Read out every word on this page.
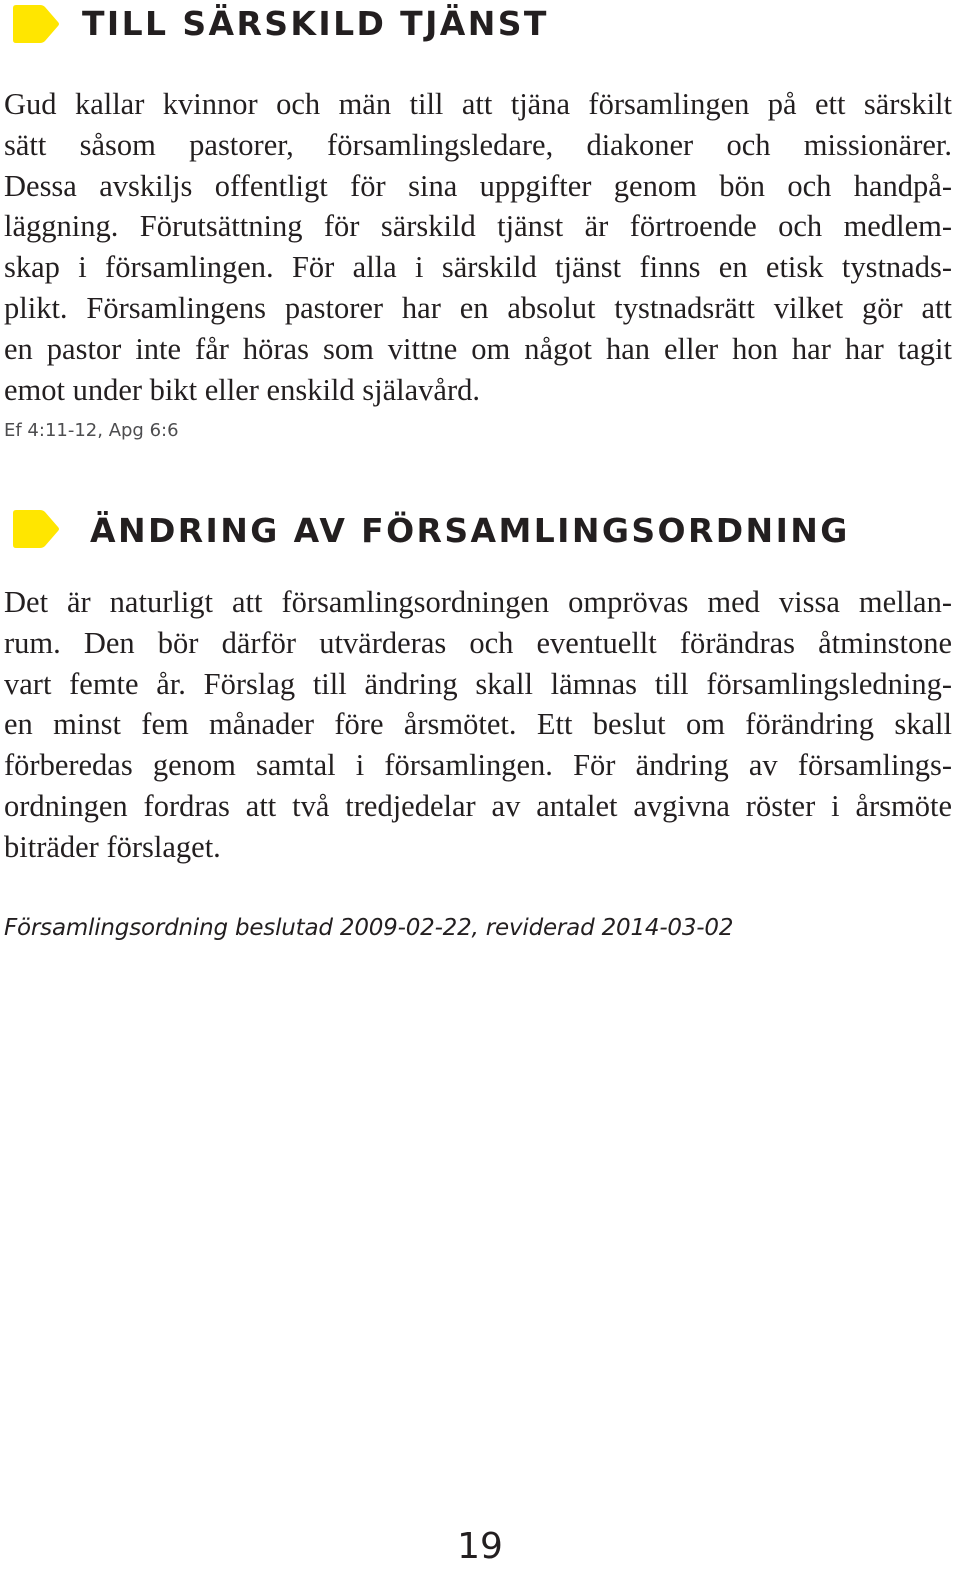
TILL SÄRSKILD TJÄNST
Gud kallar kvinnor och män till att tjäna församlingen på ett särskilt
sätt såsom pastorer, församlingsledare, diakoner och missionärer.
Dessa avskiljs offentligt för sina uppgifter genom bön och handpå-
läggning. Förutsättning för särskild tjänst är förtroende och medlem-
skap i församlingen. För alla i särskild tjänst finns en etisk tystnads-
plikt. Församlingens pastorer har en absolut tystnadsrätt vilket gör att
en pastor inte får höras som vittne om något han eller hon har har tagit
emot under bikt eller enskild själavård.

Ef 4:11-12, Apg 6:6

ÄNDRING AV FÖRSAMLINGSORDNING
Det är naturligt att församlingsordningen omprövas med vissa mellan-
rum. Den bör därför utvärderas och eventuellt förändras åtminstone
vart femte år. Förslag till ändring skall lämnas till församlingsledning-
en minst fem månader före årsmötet. Ett beslut om förändring skall
förberedas genom samtal i församlingen. För ändring av församlings-
ordningen fordras att två tredjedelar av antalet avgivna röster i årsmöte
biträder förslaget.
Församlingsordning beslutad 2009-02-22, reviderad 2014-03-02
19
